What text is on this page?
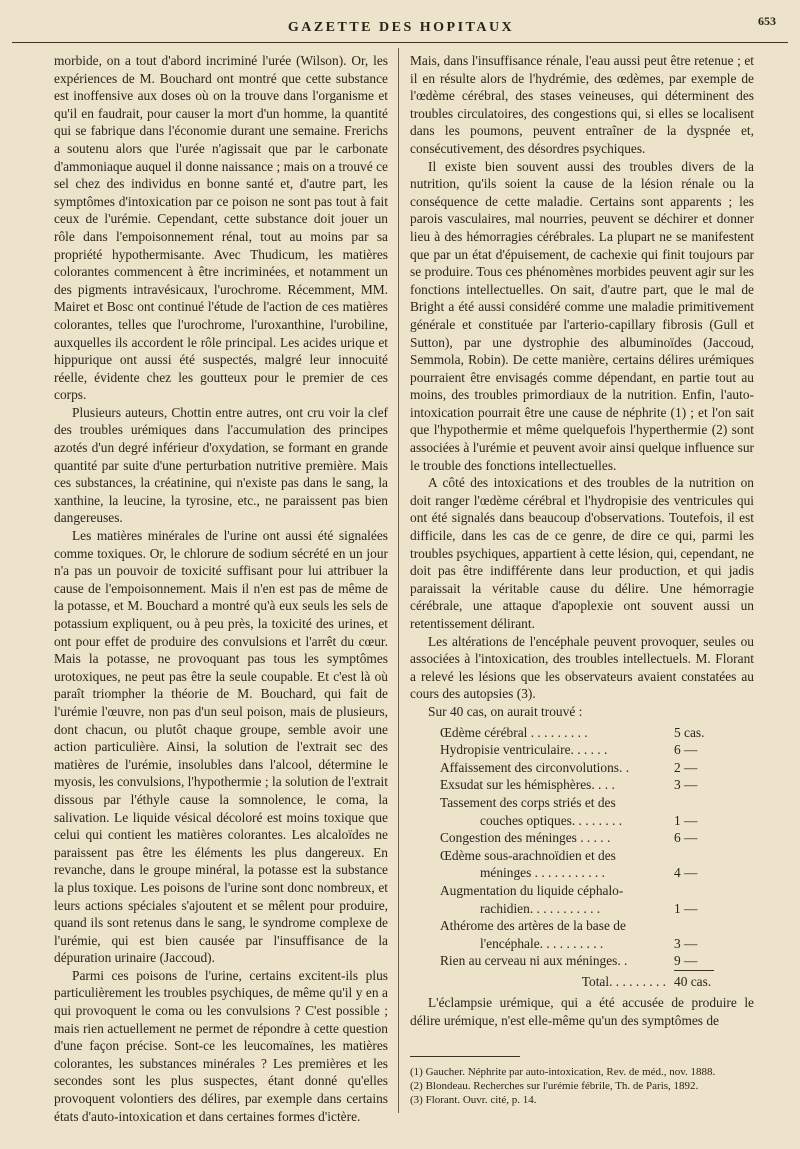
GAZETTE DES HOPITAUX	653

morbide, on a tout d'abord incriminé l'urée (Wilson). Or, les expériences de M. Bouchard ont montré que cette substance est inoffensive aux doses où on la trouve dans l'organisme et qu'il en faudrait, pour causer la mort d'un homme, la quantité qui se fabrique dans l'économie durant une semaine. Frerichs a soutenu alors que l'urée n'agissait que par le carbonate d'ammoniaque auquel il donne naissance ; mais on a trouvé ce sel chez des individus en bonne santé et, d'autre part, les symptômes d'intoxication par ce poison ne sont pas tout à fait ceux de l'urémie. Cependant, cette substance doit jouer un rôle dans l'empoisonnement rénal, tout au moins par sa propriété hypothermisante. Avec Thudicum, les matières colorantes commencent à être incriminées, et notamment un des pigments intravésicaux, l'urochrome. Récemment, MM. Mairet et Bosc ont continué l'étude de l'action de ces matières colorantes, telles que l'urochrome, l'uroxanthine, l'urobiline, auxquelles ils accordent le rôle principal. Les acides urique et hippurique ont aussi été suspectés, malgré leur innocuité réelle, évidente chez les goutteux pour le premier de ces corps.

Plusieurs auteurs, Chottin entre autres, ont cru voir la clef des troubles urémiques dans l'accumulation des principes azotés d'un degré inférieur d'oxydation, se formant en grande quantité par suite d'une perturbation nutritive première. Mais ces substances, la créatinine, qui n'existe pas dans le sang, la xanthine, la leucine, la tyrosine, etc., ne paraissent pas bien dangereuses.

Les matières minérales de l'urine ont aussi été signalées comme toxiques. Or, le chlorure de sodium sécrété en un jour n'a pas un pouvoir de toxicité suffisant pour lui attribuer la cause de l'empoisonnement. Mais il n'en est pas de même de la potasse, et M. Bouchard a montré qu'à eux seuls les sels de potassium expliquent, ou à peu près, la toxicité des urines, et ont pour effet de produire des convulsions et l'arrêt du cœur. Mais la potasse, ne provoquant pas tous les symptômes urotoxiques, ne peut pas être la seule coupable. Et c'est là où paraît triompher la théorie de M. Bouchard, qui fait de l'urémie l'œuvre, non pas d'un seul poison, mais de plusieurs, dont chacun, ou plutôt chaque groupe, semble avoir une action particulière. Ainsi, la solution de l'extrait sec des matières de l'urémie, insolubles dans l'alcool, détermine le myosis, les convulsions, l'hypothermie ; la solution de l'extrait dissous par l'éthyle cause la somnolence, le coma, la salivation. Le liquide vésical décoloré est moins toxique que celui qui contient les matières colorantes. Les alcaloïdes ne paraissent pas être les éléments les plus dangereux. En revanche, dans le groupe minéral, la potasse est la substance la plus toxique. Les poisons de l'urine sont donc nombreux, et leurs actions spéciales s'ajoutent et se mêlent pour produire, quand ils sont retenus dans le sang, le syndrome complexe de l'urémie, qui est bien causée par l'insuffisance de la dépuration urinaire (Jaccoud).

Parmi ces poisons de l'urine, certains excitent-ils plus particulièrement les troubles psychiques, de même qu'il y en a qui provoquent le coma ou les convulsions ? C'est possible ; mais rien actuellement ne permet de répondre à cette question d'une façon précise. Sont-ce les leucomaïnes, les matières colorantes, les substances minérales ? Les premières et les secondes sont les plus suspectes, étant donné qu'elles provoquent volontiers des délires, par exemple dans certains états d'auto-intoxication et dans certaines formes d'ictère.

Mais, dans l'insuffisance rénale, l'eau aussi peut être retenue ; et il en résulte alors de l'hydrémie, des œdèmes, par exemple de l'œdème cérébral, des stases veineuses, qui déterminent des troubles circulatoires, des congestions qui, si elles se localisent dans les poumons, peuvent entraîner de la dyspnée et, consécutivement, des désordres psychiques.

Il existe bien souvent aussi des troubles divers de la nutrition, qu'ils soient la cause de la lésion rénale ou la conséquence de cette maladie. Certains sont apparents ; les parois vasculaires, mal nourries, peuvent se déchirer et donner lieu à des hémorragies cérébrales. La plupart ne se manifestent que par un état d'épuisement, de cachexie qui finit toujours par se produire. Tous ces phénomènes morbides peuvent agir sur les fonctions intellectuelles. On sait, d'autre part, que le mal de Bright a été aussi considéré comme une maladie primitivement générale et constituée par l'arterio-capillary fibrosis (Gull et Sutton), par une dystrophie des albuminoïdes (Jaccoud, Semmola, Robin). De cette manière, certains délires urémiques pourraient être envisagés comme dépendant, en partie tout au moins, des troubles primordiaux de la nutrition. Enfin, l'auto-intoxication pourrait être une cause de néphrite (1) ; et l'on sait que l'hypothermie et même quelquefois l'hyperthermie (2) sont associées à l'urémie et peuvent avoir ainsi quelque influence sur le trouble des fonctions intellectuelles.

A côté des intoxications et des troubles de la nutrition on doit ranger l'œdème cérébral et l'hydropisie des ventricules qui ont été signalés dans beaucoup d'observations. Toutefois, il est difficile, dans les cas de ce genre, de dire ce qui, parmi les troubles psychiques, appartient à cette lésion, qui, cependant, ne doit pas être indifférente dans leur production, et qui jadis paraissait la véritable cause du délire. Une hémorragie cérébrale, une attaque d'apoplexie ont souvent aussi un retentissement délirant.

Les altérations de l'encéphale peuvent provoquer, seules ou associées à l'intoxication, des troubles intellectuels. M. Florant a relevé les lésions que les observateurs avaient constatées au cours des autopsies (3).

Sur 40 cas, on aurait trouvé :

Œdème cérébral . . . . . . . . .	5 cas.
Hydropisie ventriculaire. . . . . .	6 —
Affaissement des circonvolutions. .	2 —
Exsudat sur les hémisphères. . . .	3 —
Tassement des corps striés et des
couches optiques. . . . . . . .	1 —
Congestion des méninges . . . . .	6 —
Œdème sous-arachnoïdien et des
méninges . . . . . . . . . . .	4 —
Augmentation du liquide céphalo-
rachidien. . . . . . . . . . .	1 —
Athérome des artères de la base de
l'encéphale. . . . . . . . . .	3 —
Rien au cerveau ni aux méninges. .	9 —
Total. . . . . . . . . 40 cas.

L'éclampsie urémique, qui a été accusée de produire le délire urémique, n'est elle-même qu'un des symptômes de

(1) Gaucher. Néphrite par auto-intoxication, Rev. de méd., nov. 1888.
(2) Blondeau. Recherches sur l'urémie fébrile, Th. de Paris, 1892.
(3) Florant. Ouvr. cité, p. 14.
